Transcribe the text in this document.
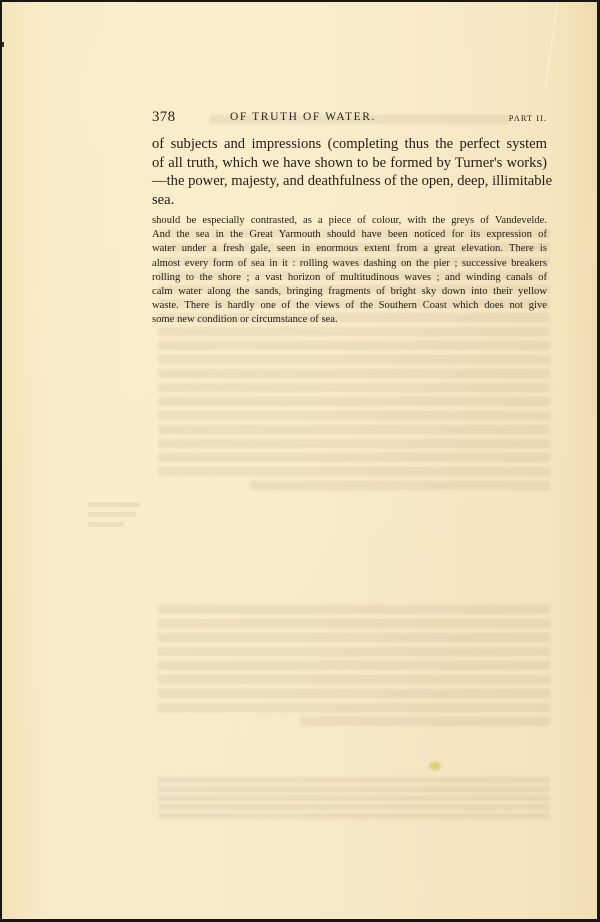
378	OF TRUTH OF WATER.	PART II.

of subjects and impressions (completing thus the perfect system
of all truth, which we have shown to be formed by Turner's works)
—the power, majesty, and deathfulness of the open, deep, illimitable
sea.

should be especially contrasted, as a piece of colour, with the greys of Vandevelde.
And the sea in the Great Yarmouth should have been noticed for its expression of
water under a fresh gale, seen in enormous extent from a great elevation. There is
almost every form of sea in it : rolling waves dashing on the pier ; successive breakers
rolling to the shore ; a vast horizon of multitudinous waves ; and winding canals of
calm water along the sands, bringing fragments of bright sky down into their yellow
waste. There is hardly one of the views of the Southern Coast which does not give
some new condition or circumstance of sea.
